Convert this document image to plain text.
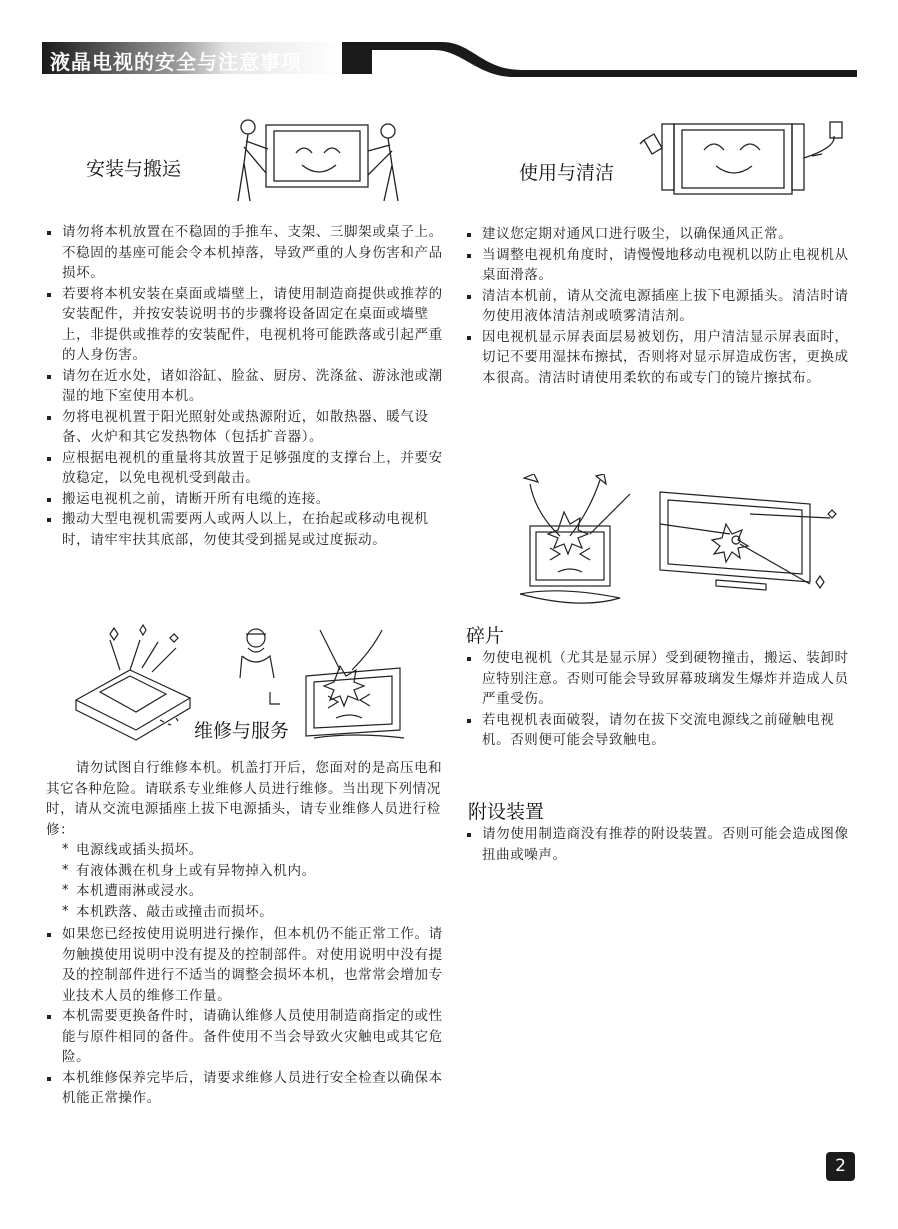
液晶电视的安全与注意事项
安装与搬运
请勿将本机放置在不稳固的手推车、支架、三脚架或桌子上。不稳固的基座可能会令本机掉落，导致严重的人身伤害和产品损坏。
若要将本机安装在桌面或墙壁上，请使用制造商提供或推荐的安装配件，并按安装说明书的步骤将设备固定在桌面或墙壁上，非提供或推荐的安装配件，电视机将可能跌落或引起严重的人身伤害。
请勿在近水处，诸如浴缸、脸盆、厨房、洗涤盆、游泳池或潮湿的地下室使用本机。
勿将电视机置于阳光照射处或热源附近，如散热器、暖气设备、火炉和其它发热物体（包括扩音器）。
应根据电视机的重量将其放置于足够强度的支撑台上，并要安放稳定，以免电视机受到敲击。
搬运电视机之前，请断开所有电缆的连接。
搬动大型电视机需要两人或两人以上，在抬起或移动电视机时，请牢牢扶其底部，勿使其受到摇晃或过度振动。
使用与清洁
建议您定期对通风口进行吸尘，以确保通风正常。
当调整电视机角度时，请慢慢地移动电视机以防止电视机从桌面滑落。
清洁本机前，请从交流电源插座上拔下电源插头。清洁时请勿使用液体清洁剂或喷雾清洁剂。
因电视机显示屏表面层易被划伤，用户清洁显示屏表面时，切记不要用湿抹布擦拭，否则将对显示屏造成伤害，更换成本很高。清洁时请使用柔软的布或专门的镜片擦拭布。
碎片
勿使电视机（尤其是显示屏）受到硬物撞击，搬运、装卸时应特别注意。否则可能会导致屏幕玻璃发生爆炸并造成人员严重受伤。
若电视机表面破裂，请勿在拔下交流电源线之前碰触电视机。否则便可能会导致触电。
附设装置
请勿使用制造商没有推荐的附设装置。否则可能会造成图像扭曲或噪声。
维修与服务
请勿试图自行维修本机。机盖打开后，您面对的是高压电和其它各种危险。请联系专业维修人员进行维修。当出现下列情况时，请从交流电源插座上拔下电源插头，请专业维修人员进行检修：
* 电源线或插头损坏。
* 有液体溅在机身上或有异物掉入机内。
* 本机遭雨淋或浸水。
* 本机跌落、敲击或撞击而损坏。
如果您已经按使用说明进行操作，但本机仍不能正常工作。请勿触摸使用说明中没有提及的控制部件。对使用说明中没有提及的控制部件进行不适当的调整会损坏本机，也常常会增加专业技术人员的维修工作量。
本机需要更换备件时，请确认维修人员使用制造商指定的或性能与原件相同的备件。备件使用不当会导致火灾触电或其它危险。
本机维修保养完毕后，请要求维修人员进行安全检查以确保本机能正常操作。
2
